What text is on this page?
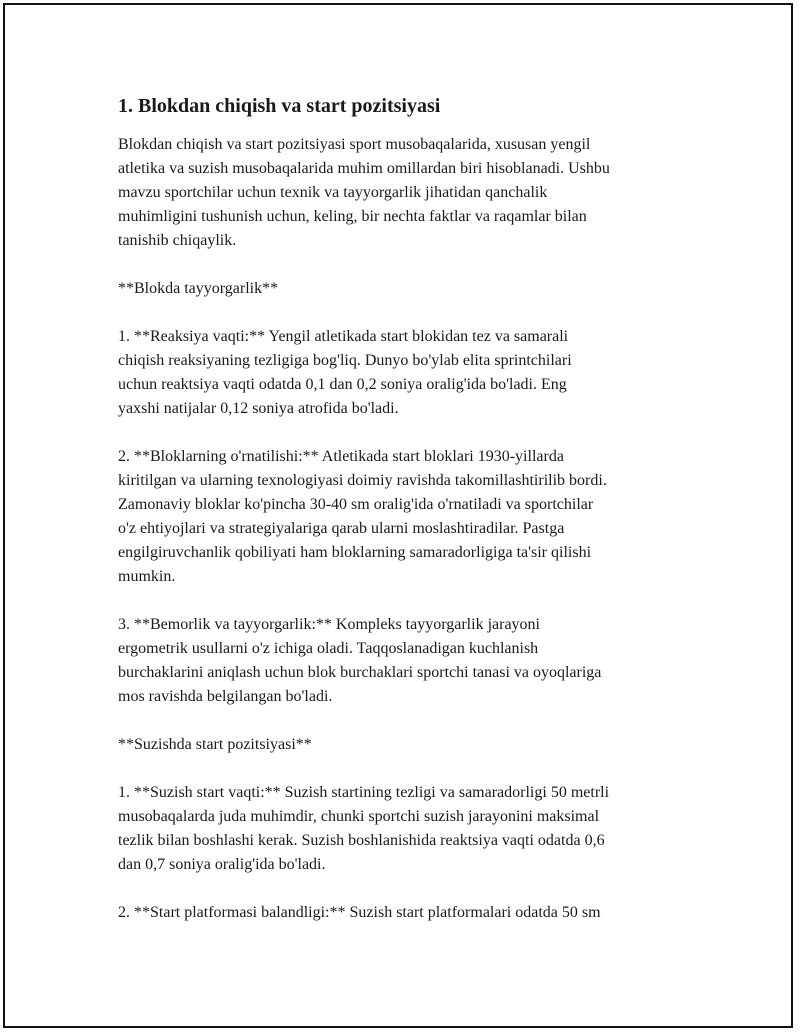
1. Blokdan chiqish va start pozitsiyasi

Blokdan chiqish va start pozitsiyasi sport musobaqalarida, xususan yengil
atletika va suzish musobaqalarida muhim omillardan biri hisoblanadi. Ushbu
mavzu sportchilar uchun texnik va tayyorgarlik jihatidan qanchalik
muhimligini tushunish uchun, keling, bir nechta faktlar va raqamlar bilan
tanishib chiqaylik.

**Blokda tayyorgarlik**

1. **Reaksiya vaqti:** Yengil atletikada start blokidan tez va samarali
chiqish reaksiyaning tezligiga bog'liq. Dunyo bo'ylab elita sprintchilari
uchun reaktsiya vaqti odatda 0,1 dan 0,2 soniya oralig'ida bo'ladi. Eng
yaxshi natijalar 0,12 soniya atrofida bo'ladi.

2. **Bloklarning o'rnatilishi:** Atletikada start bloklari 1930-yillarda
kiritilgan va ularning texnologiyasi doimiy ravishda takomillashtirilib bordi.
Zamonaviy bloklar ko'pincha 30-40 sm oralig'ida o'rnatiladi va sportchilar
o'z ehtiyojlari va strategiyalariga qarab ularni moslashtiradilar. Pastga
engilgiruvchanlik qobiliyati ham bloklarning samaradorligiga ta'sir qilishi
mumkin.

3. **Bemorlik va tayyorgarlik:** Kompleks tayyorgarlik jarayoni
ergometrik usullarni o'z ichiga oladi. Taqqoslanadigan kuchlanish
burchaklarini aniqlash uchun blok burchaklari sportchi tanasi va oyoqlariga
mos ravishda belgilangan bo'ladi.

**Suzishda start pozitsiyasi**

1. **Suzish start vaqti:** Suzish startining tezligi va samaradorligi 50 metrli
musobaqalarda juda muhimdir, chunki sportchi suzish jarayonini maksimal
tezlik bilan boshlashi kerak. Suzish boshlanishida reaktsiya vaqti odatda 0,6
dan 0,7 soniya oralig'ida bo'ladi.

2. **Start platformasi balandligi:** Suzish start platformalari odatda 50 sm
